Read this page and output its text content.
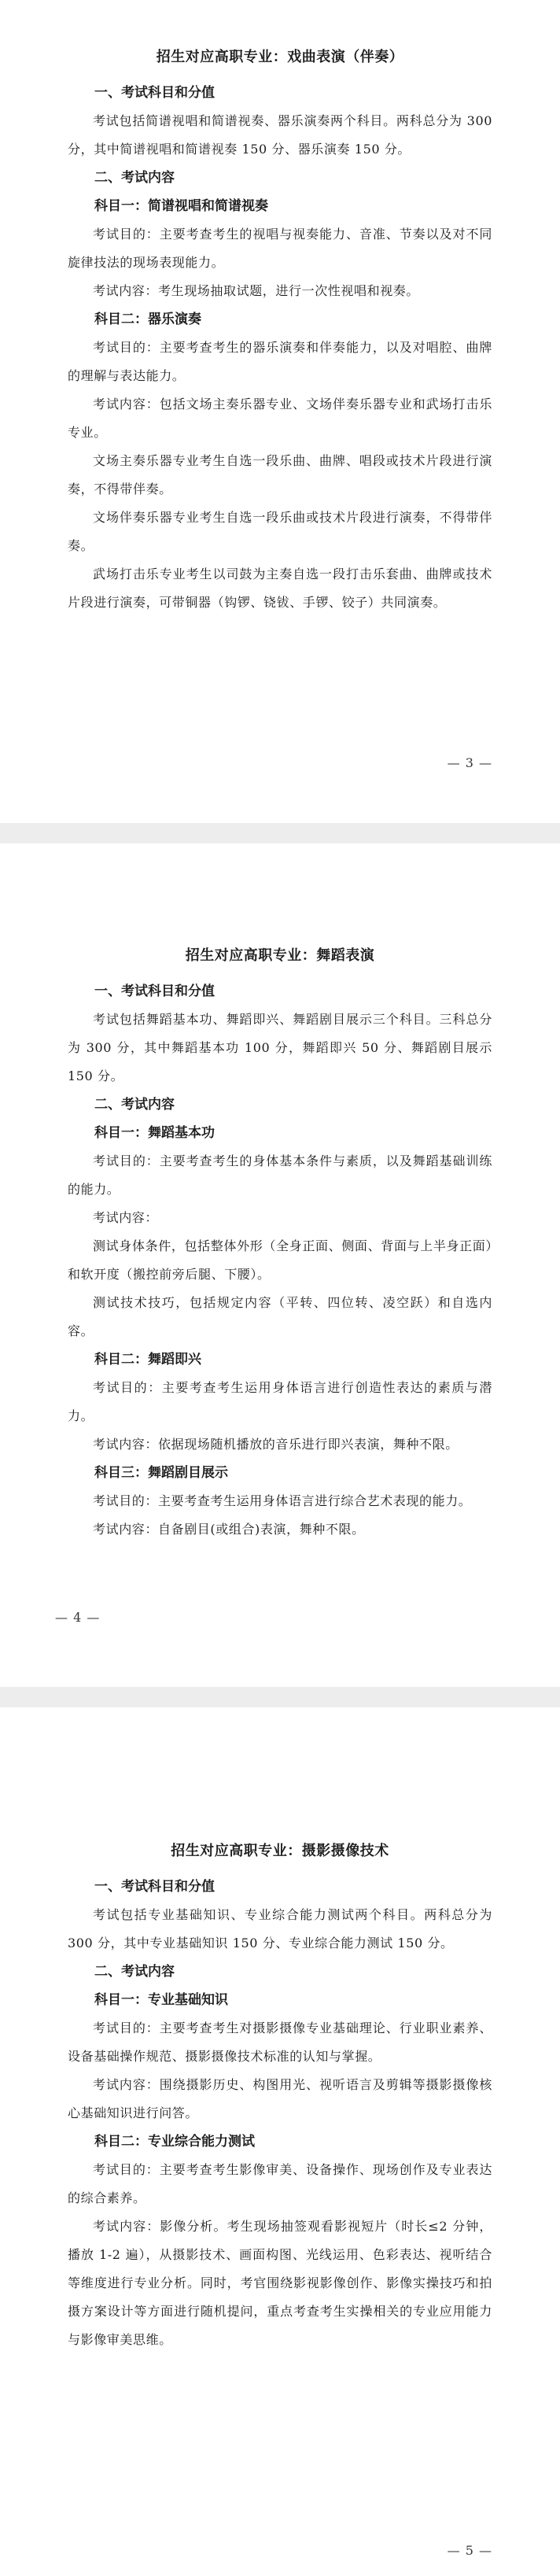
招生对应高职专业：戏曲表演（伴奏）
一、考试科目和分值

考试包括简谱视唱和简谱视奏、器乐演奏两个科目。两科总分为 300 分，其中简谱视唱和简谱视奏 150 分、器乐演奏 150 分。

二、考试内容
科目一：简谱视唱和简谱视奏

考试目的：主要考查考生的视唱与视奏能力、音准、节奏以及对不同旋律技法的现场表现能力。

考试内容：考生现场抽取试题，进行一次性视唱和视奏。

科目二：器乐演奏

考试目的：主要考查考生的器乐演奏和伴奏能力，以及对唱腔、曲牌的理解与表达能力。

考试内容：包括文场主奏乐器专业、文场伴奏乐器专业和武场打击乐专业。

文场主奏乐器专业考生自选一段乐曲、曲牌、唱段或技术片段进行演奏，不得带伴奏。

文场伴奏乐器专业考生自选一段乐曲或技术片段进行演奏，不得带伴奏。

武场打击乐专业考生以司鼓为主奏自选一段打击乐套曲、曲牌或技术片段进行演奏，可带铜器（钩锣、铙钹、手锣、铰子）共同演奏。

— 3 —
招生对应高职专业：舞蹈表演
一、考试科目和分值

考试包括舞蹈基本功、舞蹈即兴、舞蹈剧目展示三个科目。三科总分为 300 分，其中舞蹈基本功 100 分，舞蹈即兴 50 分、舞蹈剧目展示 150 分。

二、考试内容
科目一：舞蹈基本功

考试目的：主要考查考生的身体基本条件与素质，以及舞蹈基础训练的能力。

考试内容：

测试身体条件，包括整体外形（全身正面、侧面、背面与上半身正面）和软开度（搬控前旁后腿、下腰）。

测试技术技巧，包括规定内容（平转、四位转、凌空跃）和自选内容。

科目二：舞蹈即兴

考试目的：主要考查考生运用身体语言进行创造性表达的素质与潜力。

考试内容：依据现场随机播放的音乐进行即兴表演，舞种不限。

科目三：舞蹈剧目展示

考试目的：主要考查考生运用身体语言进行综合艺术表现的能力。

考试内容：自备剧目(或组合)表演，舞种不限。

— 4 —
招生对应高职专业：摄影摄像技术
一、考试科目和分值

考试包括专业基础知识、专业综合能力测试两个科目。两科总分为 300 分，其中专业基础知识 150 分、专业综合能力测试 150 分。

二、考试内容
科目一：专业基础知识

考试目的：主要考查考生对摄影摄像专业基础理论、行业职业素养、设备基础操作规范、摄影摄像技术标准的认知与掌握。

考试内容：围绕摄影历史、构图用光、视听语言及剪辑等摄影摄像核心基础知识进行问答。

科目二：专业综合能力测试

考试目的：主要考查考生影像审美、设备操作、现场创作及专业表达的综合素养。

考试内容：影像分析。考生现场抽签观看影视短片（时长≤2 分钟，播放 1-2 遍），从摄影技术、画面构图、光线运用、色彩表达、视听结合等维度进行专业分析。同时，考官围绕影视影像创作、影像实操技巧和拍摄方案设计等方面进行随机提问，重点考查考生实操相关的专业应用能力与影像审美思维。

— 5 —
